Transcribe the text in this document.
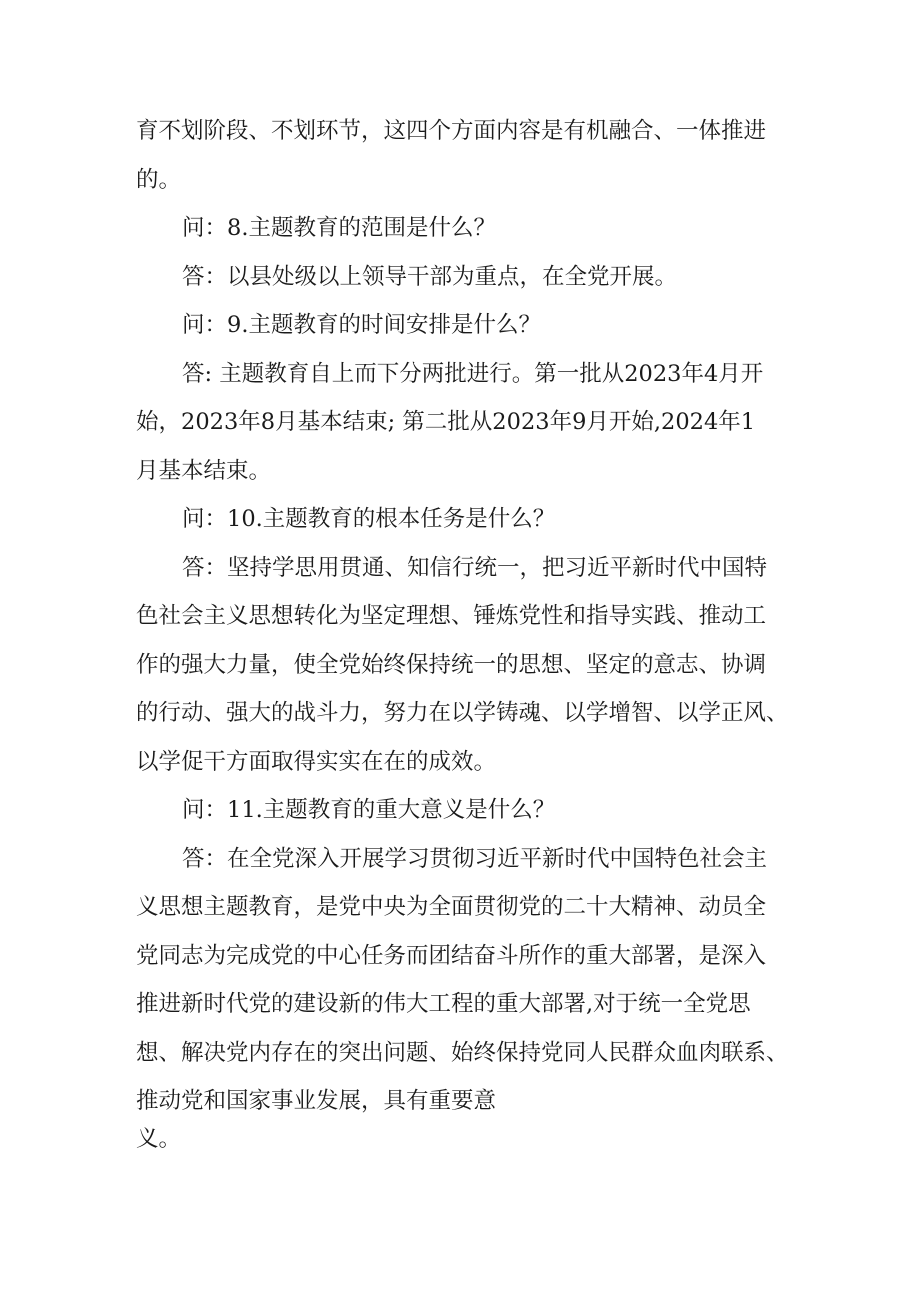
育不划阶段、不划环节，这四个方面内容是有机融合、一体推进
的。
问：8.主题教育的范围是什么？
答：以县处级以上领导干部为重点，在全党开展。
问：9.主题教育的时间安排是什么？
答: 主题教育自上而下分两批进行。第一批从2023年4月开
始，2023年8月基本结束; 第二批从2023年9月开始,2024年1
月基本结束。
问：10.主题教育的根本任务是什么？
答：坚持学思用贯通、知信行统一，把习近平新时代中国特
色社会主义思想转化为坚定理想、锤炼党性和指导实践、推动工
作的强大力量，使全党始终保持统一的思想、坚定的意志、协调
的行动、强大的战斗力，努力在以学铸魂、以学增智、以学正风、
以学促干方面取得实实在在的成效。
问：11.主题教育的重大意义是什么？
答：在全党深入开展学习贯彻习近平新时代中国特色社会主
义思想主题教育，是党中央为全面贯彻党的二十大精神、动员全
党同志为完成党的中心任务而团结奋斗所作的重大部署，是深入
推进新时代党的建设新的伟大工程的重大部署,对于统一全党思
想、解决党内存在的突出问题、始终保持党同人民群众血肉联系、
推动党和国家事业发展，具有重要意
义。
